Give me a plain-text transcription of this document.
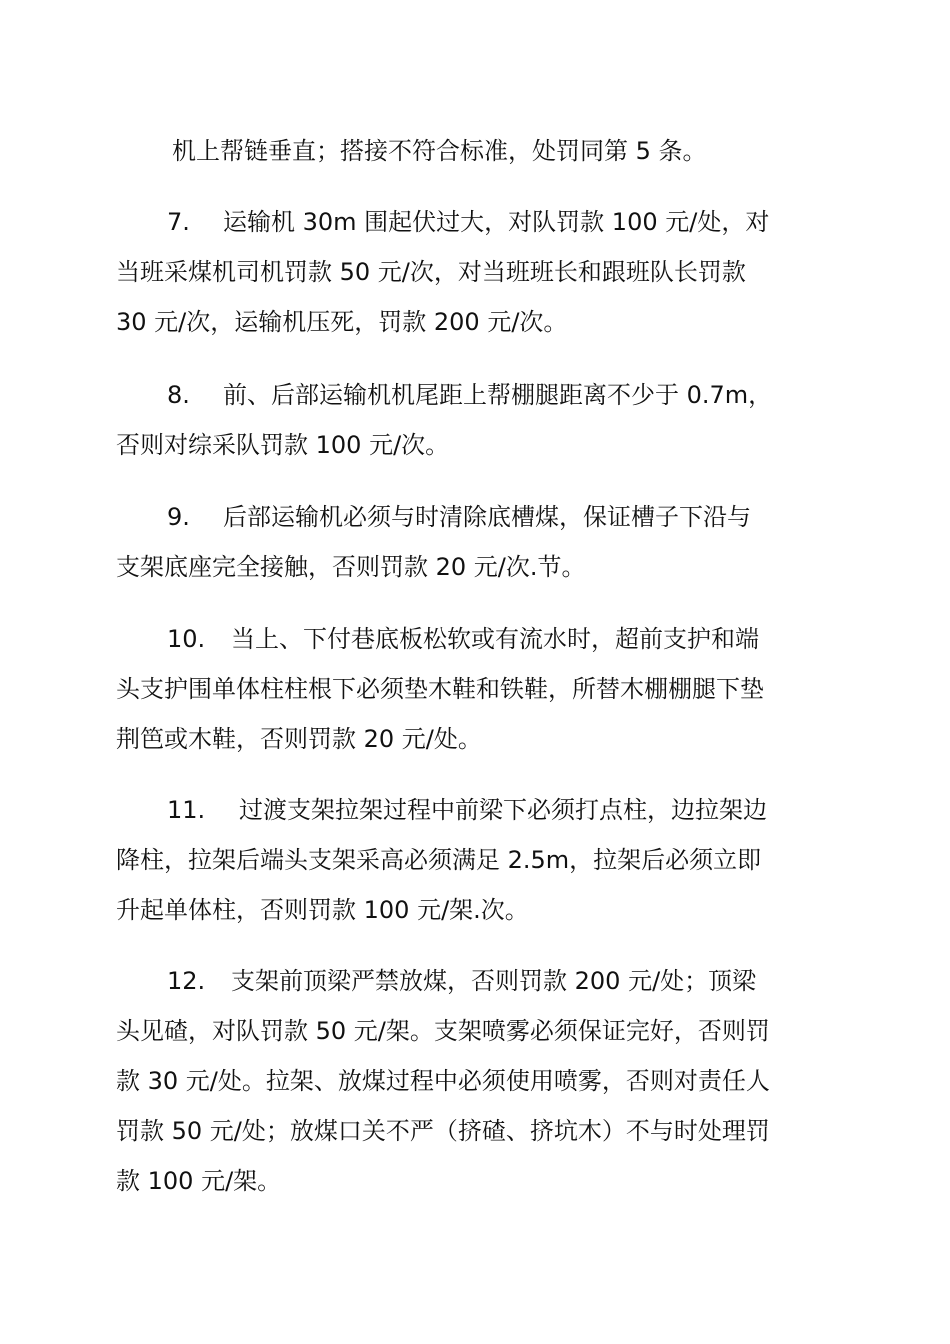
机上帮链垂直；搭接不符合标准，处罚同第 5 条。

7. 运输机 30m 围起伏过大，对队罚款 100 元/处，对
当班采煤机司机罚款 50 元/次，对当班班长和跟班队长罚款
30 元/次，运输机压死，罚款 200 元/次。

8. 前、后部运输机机尾距上帮棚腿距离不少于 0.7m，
否则对综采队罚款 100 元/次。

9. 后部运输机必须与时清除底槽煤，保证槽子下沿与
支架底座完全接触，否则罚款 20 元/次.节。

10. 当上、下付巷底板松软或有流水时，超前支护和端
头支护围单体柱柱根下必须垫木鞋和铁鞋，所替木棚棚腿下垫
荆笆或木鞋，否则罚款 20 元/处。

11. 过渡支架拉架过程中前梁下必须打点柱，边拉架边
降柱，拉架后端头支架采高必须满足 2.5m，拉架后必须立即
升起单体柱，否则罚款 100 元/架.次。

12. 支架前顶梁严禁放煤，否则罚款 200 元/处；顶梁
头见碴，对队罚款 50 元/架。支架喷雾必须保证完好，否则罚
款 30 元/处。拉架、放煤过程中必须使用喷雾，否则对责任人
罚款 50 元/处；放煤口关不严（挤碴、挤坑木）不与时处理罚
款 100 元/架。
